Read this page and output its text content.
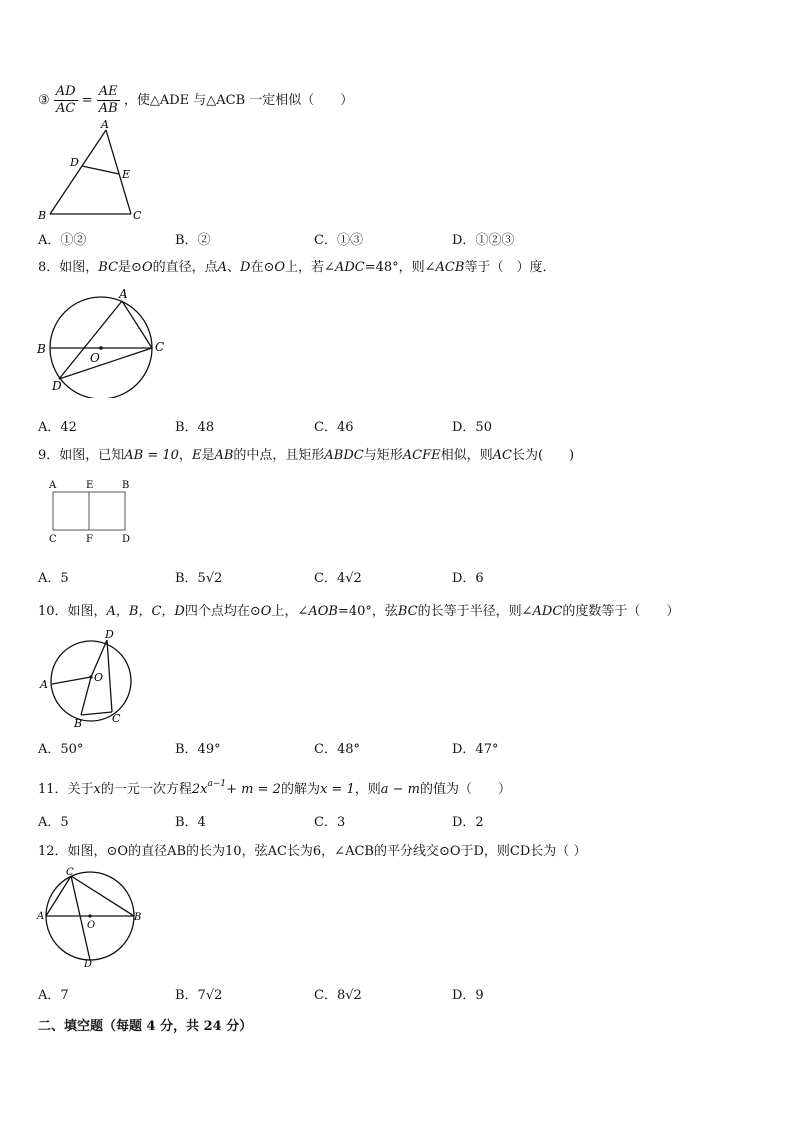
③ $\frac{AD}{AC} = \frac{AE}{AB}$ ，使△ADE 与△ACB 一定相似（　　）
A
D
E
B	C
A．①②	B．②	C．①③	D．①②③
8．如图，BC是⊙O的直径，点A、D在⊙O上，若∠ADC=48°，则∠ACB等于（　）度．
A
B	C
D
O
A．42	B．48	C．46	D．50
9．如图，已知AB = 10，E是AB的中点，且矩形ABDC与矩形ACFE相似，则AC长为(　　)
A	E	B
C	F	D
A．5	B．5√2	C．4√2	D．6
10．如图，A，B，C，D四个点均在⊙O上，∠AOB=40°，弦BC的长等于半径，则∠ADC的度数等于（　　）
D
A
O
B	C
A．50°	B．49°	C．48°	D．47°
11．关于x的一元一次方程$2x^{a-1}+ m = 2$的解为x = 1，则a − m的值为（　　）
A．5	B．4	C．3	D．2
12．如图，⊙O的直径AB的长为10，弦AC长为6，∠ACB的平分线交⊙O于D，则CD长为（ ）
C
A	B
O
D
A．7	B．7√2	C．8√2	D．9
二、填空题（每题 4 分，共 24 分）
